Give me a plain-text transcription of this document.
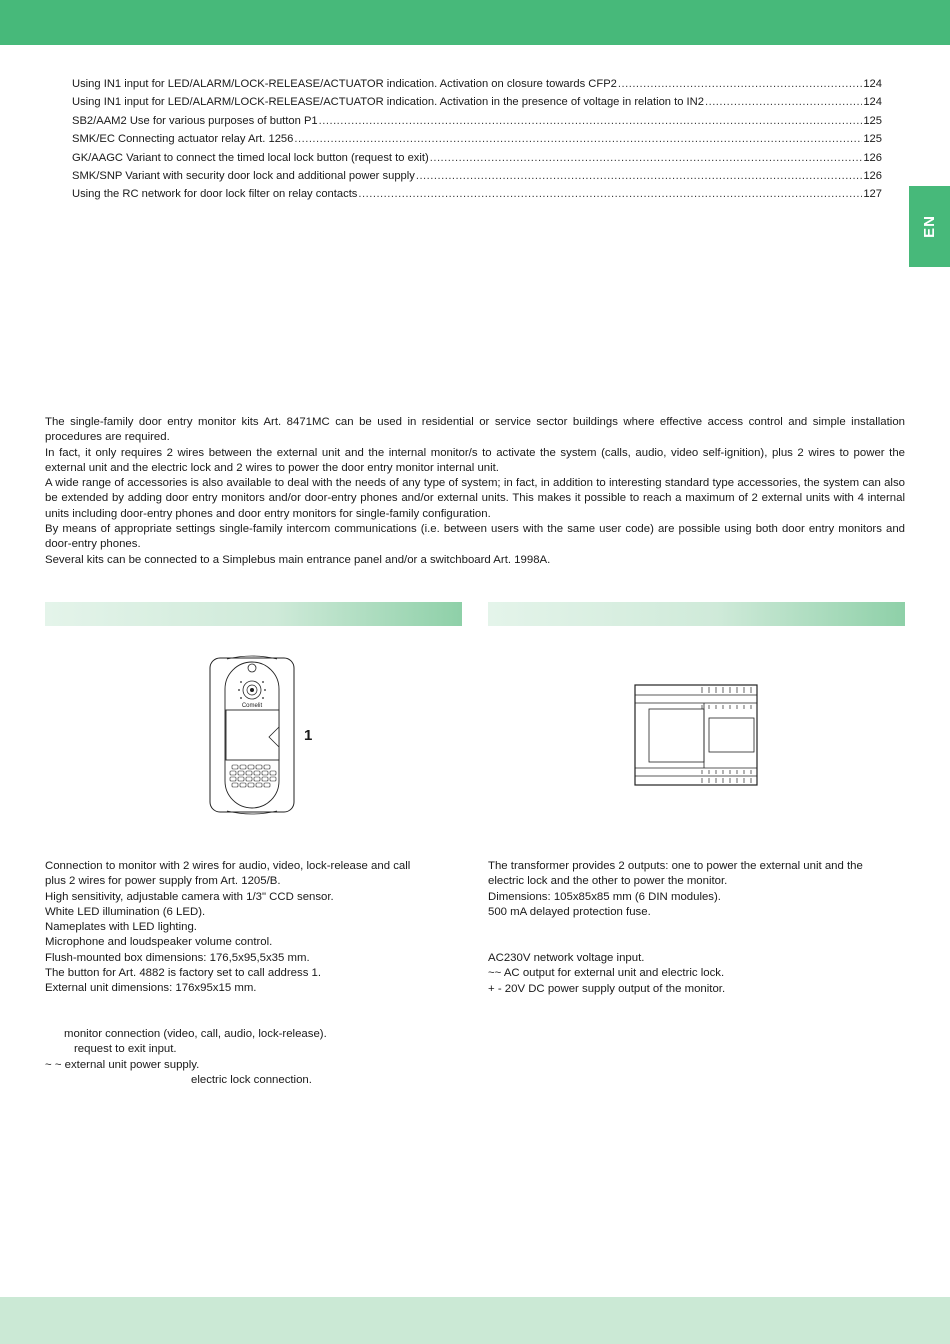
EN
Using IN1 input for LED/ALARM/LOCK-RELEASE/ACTUATOR indication. Activation on closure towards CFP2 .....	124
Using IN1 input for LED/ALARM/LOCK-RELEASE/ACTUATOR indication. Activation in the presence of voltage in relation to IN2 .....	124
SB2/AAM2 Use for various purposes of button P1 .....	125
SMK/EC Connecting actuator relay Art. 1256 .....	125
GK/AAGC Variant to connect the timed local lock button (request to exit) .....	126
SMK/SNP Variant with security door lock and additional power supply .....	126
Using the RC network for door lock filter on relay contacts .....	127

The single-family door entry monitor kits Art. 8471MC can be used in residential or service sector buildings where effective access control and simple installation procedures are required.

In fact, it only requires 2 wires between the external unit and the internal monitor/s to activate the system (calls, audio, video self-ignition), plus 2 wires to power the external unit and the electric lock and 2 wires to power the door entry monitor internal unit.

A wide range of accessories is also available to deal with the needs of any type of system; in fact, in addition to interesting standard type accessories, the system can also be extended by adding door entry monitors and/or door-entry phones and/or external units. This makes it possible to reach a maximum of 2 external units with 4 internal units including door-entry phones and door entry monitors for single-family configuration.

By means of appropriate settings single-family intercom communications (i.e. between users with the same user code) are possible using both door entry monitors and door-entry phones.

Several kits can be connected to a Simplebus main entrance panel and/or a switchboard Art. 1998A.

Comelit
1

Connection to monitor with 2 wires for audio, video, lock-release and call

plus 2 wires for power supply from Art. 1205/B.

High sensitivity, adjustable camera with 1/3" CCD sensor.

White LED illumination (6 LED).

Nameplates with LED lighting.

Microphone and loudspeaker volume control.

Flush-mounted box dimensions: 176,5x95,5x35 mm.

The button for Art. 4882 is factory set to call address 1.

External unit dimensions: 176x95x15 mm.

monitor connection (video, call, audio, lock-release).

request to exit input.

~ ~ external unit power supply.

electric lock connection.

The transformer provides 2 outputs: one to power the external unit and the

electric lock and the other to power the monitor.

Dimensions: 105x85x85 mm (6 DIN modules).

500 mA delayed protection fuse.

AC230V network voltage input.

~~ AC output for external unit and electric lock.

+ - 20V DC power supply output of the monitor.
